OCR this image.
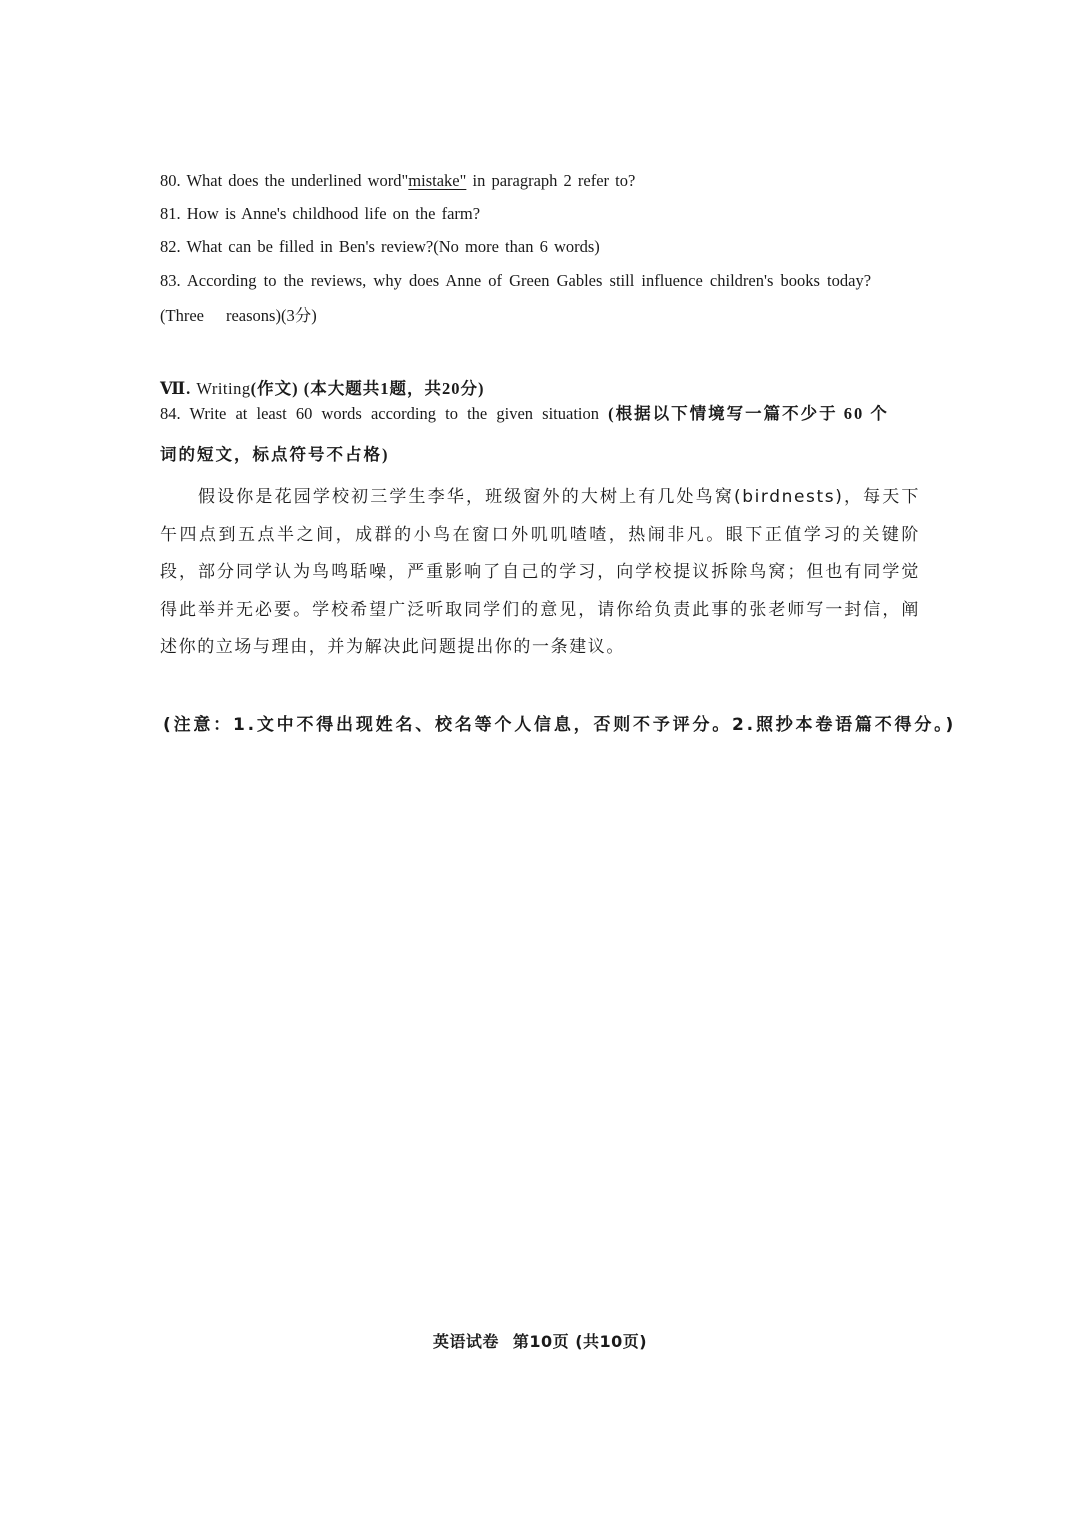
80. What does the underlined word"mistake" in paragraph 2 refer to?
81. How is Anne's childhood life on the farm?
82. What can be filled in Ben's review?(No more than 6 words)
83. According to the reviews, why does Anne of Green Gables still influence children's books today?
(Three reasons)(3分)
Ⅶ. Writing(作文) (本大题共1题，共20分)
84. Write at least 60 words according to the given situation (根据以下情境写一篇不少于 60 个
词的短文，标点符号不占格)

假设你是花园学校初三学生李华，班级窗外的大树上有几处鸟窝(birdnests)，每天下午四点到五点半之间，成群的小鸟在窗口外叽叽喳喳，热闹非凡。眼下正值学习的关键阶段，部分同学认为鸟鸣聒噪，严重影响了自己的学习，向学校提议拆除鸟窝；但也有同学觉得此举并无必要。学校希望广泛听取同学们的意见，请你给负责此事的张老师写一封信，阐述你的立场与理由，并为解决此问题提出你的一条建议。

(注意：1.文中不得出现姓名、校名等个人信息，否则不予评分。2.照抄本卷语篇不得分。)
英语试卷 第10页 (共10页)
